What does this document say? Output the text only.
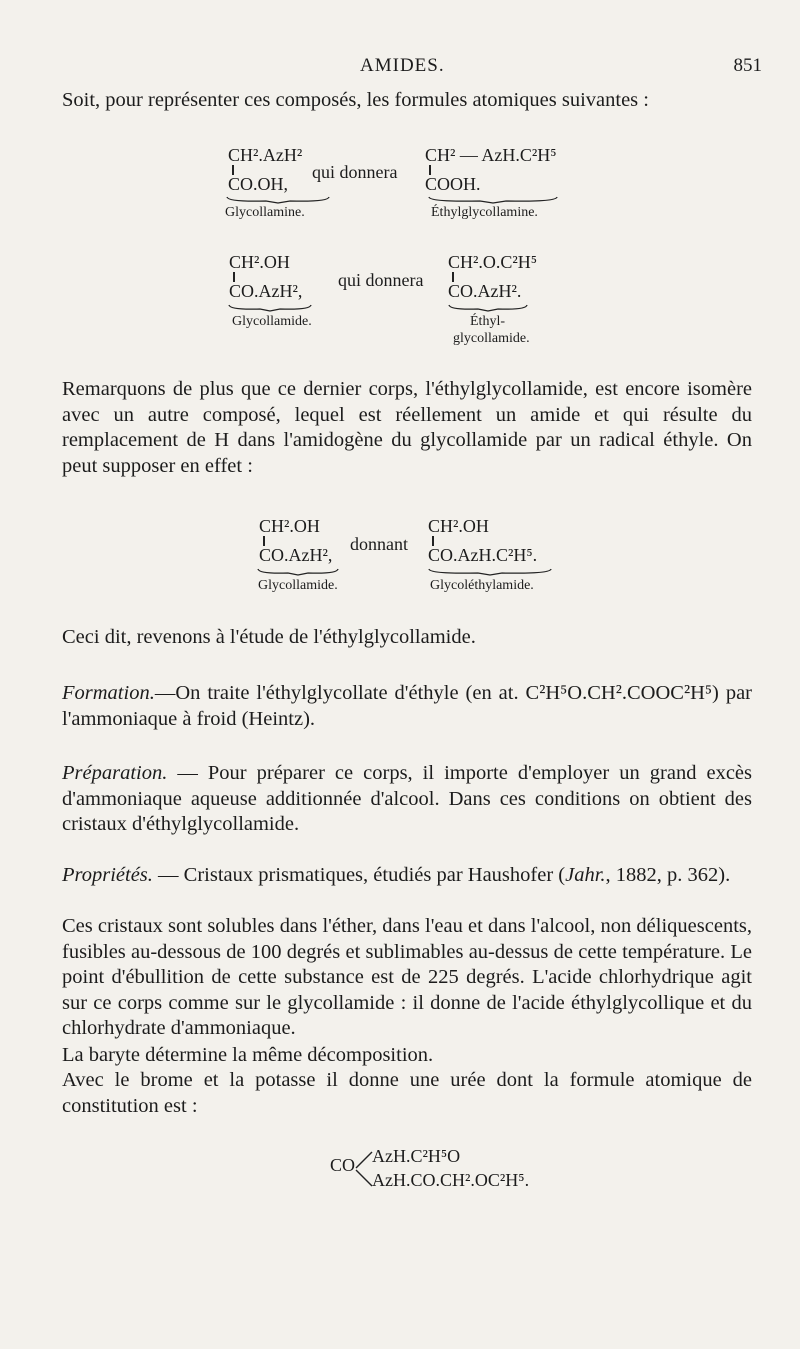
AMIDES.	851
Soit, pour représenter ces composés, les formules atomiques suivantes :
CH².AzH²
CO.OH,
qui donnera
CH² — AzH.C²H⁵
COOH.
Glycollamine.	Éthylglycollamine.
CH².OH
CO.AzH²,
qui donnera
CH².O.C²H⁵
CO.AzH².
Glycollamide.	Éthyl-
glycollamide.
Remarquons de plus que ce dernier corps, l'éthylglycollamide, est encore isomère avec un autre composé, lequel est réellement un amide et qui résulte du remplacement de H dans l'amidogène du glycollamide par un radical éthyle. On peut supposer en effet :
CH².OH
CO.AzH²,
donnant
CH².OH
CO.AzH.C²H⁵.
Glycollamide.	Glycoléthylamide.
Ceci dit, revenons à l'étude de l'éthylglycollamide.
Formation.—On traite l'éthylglycollate d'éthyle (en at. C²H⁵O.CH².COOC²H⁵) par l'ammoniaque à froid (Heintz).
Préparation. — Pour préparer ce corps, il importe d'employer un grand excès d'ammoniaque aqueuse additionnée d'alcool. Dans ces conditions on obtient des cristaux d'éthylglycollamide.
Propriétés. — Cristaux prismatiques, étudiés par Haushofer (Jahr., 1882, p. 362).
Ces cristaux sont solubles dans l'éther, dans l'eau et dans l'alcool, non déliquescents, fusibles au-dessous de 100 degrés et sublimables au-dessus de cette température. Le point d'ébullition de cette substance est de 225 degrés. L'acide chlorhydrique agit sur ce corps comme sur le glycollamide : il donne de l'acide éthylglycollique et du chlorhydrate d'ammoniaque.
La baryte détermine la même décomposition.
Avec le brome et la potasse il donne une urée dont la formule atomique de constitution est :
CO AzH.C²H⁵O
AzH.CO.CH².OC²H⁵.
